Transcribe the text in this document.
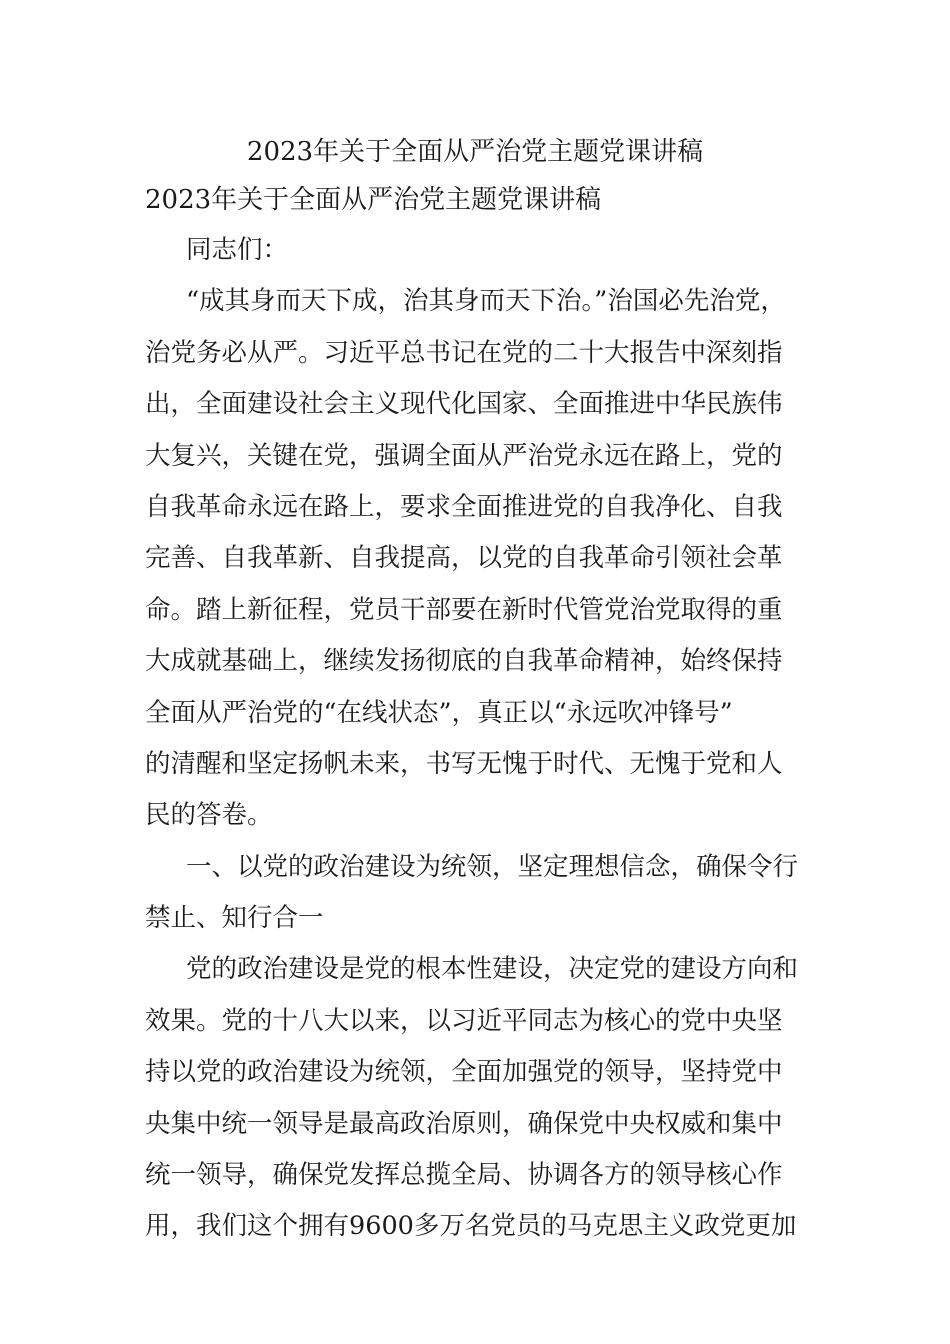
2023年关于全面从严治党主题党课讲稿
2023年关于全面从严治党主题党课讲稿
同志们：
“成其身而天下成，治其身而天下治。”治国必先治党，
治党务必从严。习近平总书记在党的二十大报告中深刻指
出，全面建设社会主义现代化国家、全面推进中华民族伟
大复兴，关键在党，强调全面从严治党永远在路上，党的
自我革命永远在路上，要求全面推进党的自我净化、自我
完善、自我革新、自我提高，以党的自我革命引领社会革
命。踏上新征程，党员干部要在新时代管党治党取得的重
大成就基础上，继续发扬彻底的自我革命精神，始终保持
全面从严治党的“在线状态”，真正以“永远吹冲锋号”
的清醒和坚定扬帆未来，书写无愧于时代、无愧于党和人
民的答卷。
一、以党的政治建设为统领，坚定理想信念，确保令行
禁止、知行合一
党的政治建设是党的根本性建设，决定党的建设方向和
效果。党的十八大以来，以习近平同志为核心的党中央坚
持以党的政治建设为统领，全面加强党的领导，坚持党中
央集中统一领导是最高政治原则，确保党中央权威和集中
统一领导，确保党发挥总揽全局、协调各方的领导核心作
用，我们这个拥有9600多万名党员的马克思主义政党更加
